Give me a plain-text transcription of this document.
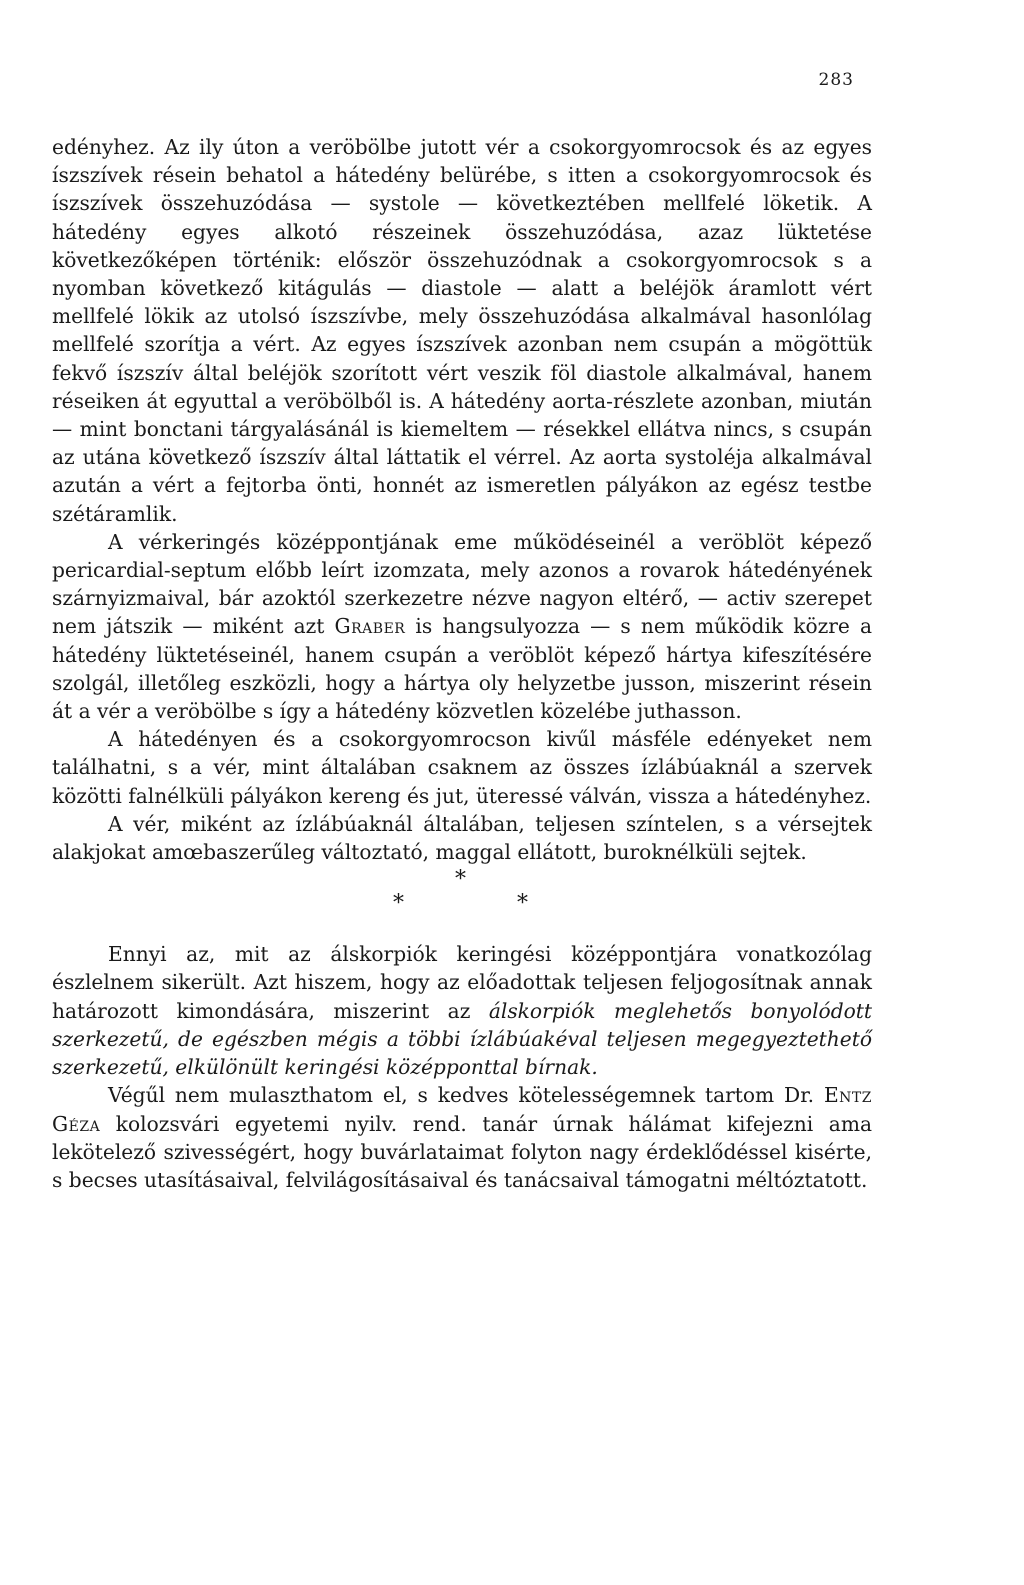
283

edényhez. Az ily úton a veröbölbe jutott vér a csokorgyomrocsok és az egyes íszszívek résein behatol a hátedény belürébe, s itten a csokorgyomrocsok és íszszívek összehuzódása — systole — következtében mellfelé löketik. A hátedény egyes alkotó részeinek összehuzódása, azaz lüktetése következőképen történik: először összehuzódnak a csokorgyomrocsok s a nyomban következő kitágulás — diastole — alatt a beléjök áramlott vért mellfelé lökik az utolsó íszszívbe, mely összehuzódása alkalmával hasonlólag mellfelé szorítja a vért. Az egyes íszszívek azonban nem csupán a mögöttük fekvő íszszív által beléjök szorított vért veszik föl diastole alkalmával, hanem réseiken át egyuttal a veröbölből is. A hátedény aorta-részlete azonban, miután — mint bonctani tárgyalásánál is kiemeltem — résekkel ellátva nincs, s csupán az utána következő íszszív által láttatik el vérrel. Az aorta systoléja alkalmával azután a vért a fejtorba önti, honnét az ismeretlen pályákon az egész testbe szétáramlik.

A vérkeringés középpontjának eme működéseinél a veröblöt képező pericardial-septum előbb leírt izomzata, mely azonos a rovarok hátedényének szárnyizmaival, bár azoktól szerkezetre nézve nagyon eltérő, — activ szerepet nem játszik — miként azt Graber is hangsulyozza — s nem működik közre a hátedény lüktetéseinél, hanem csupán a veröblöt képező hártya kifeszítésére szolgál, illetőleg eszközli, hogy a hártya oly helyzetbe jusson, miszerint résein át a vér a veröbölbe s így a hátedény közvetlen közelébe juthasson.

A hátedényen és a csokorgyomrocson kivűl másféle edényeket nem találhatni, s a vér, mint általában csaknem az összes ízlábúaknál a szervek közötti falnélküli pályákon kereng és jut, üteressé válván, vissza a hátedényhez.

A vér, miként az ízlábúaknál általában, teljesen színtelen, s a vérsejtek alakjokat amœbaszerűleg változtató, maggal ellátott, buroknélküli sejtek.

*
*	*

Ennyi az, mit az álskorpiók keringési középpontjára vonatkozólag észlelnem sikerült. Azt hiszem, hogy az előadottak teljesen feljogosítnak annak határozott kimondására, miszerint az álskorpiók meglehetős bonyolódott szerkezetű, de egészben mégis a többi ízlábúakéval teljesen megegyeztethető szerkezetű, elkülönült keringési középponttal bírnak.

Végűl nem mulaszthatom el, s kedves kötelességemnek tartom Dr. Entz Géza kolozsvári egyetemi nyilv. rend. tanár úrnak hálámat kifejezni ama lekötelező szivességért, hogy buvárlataimat folyton nagy érdeklődéssel kisérte, s becses utasításaival, felvilágosításaival és tanácsaival támogatni méltóztatott.
